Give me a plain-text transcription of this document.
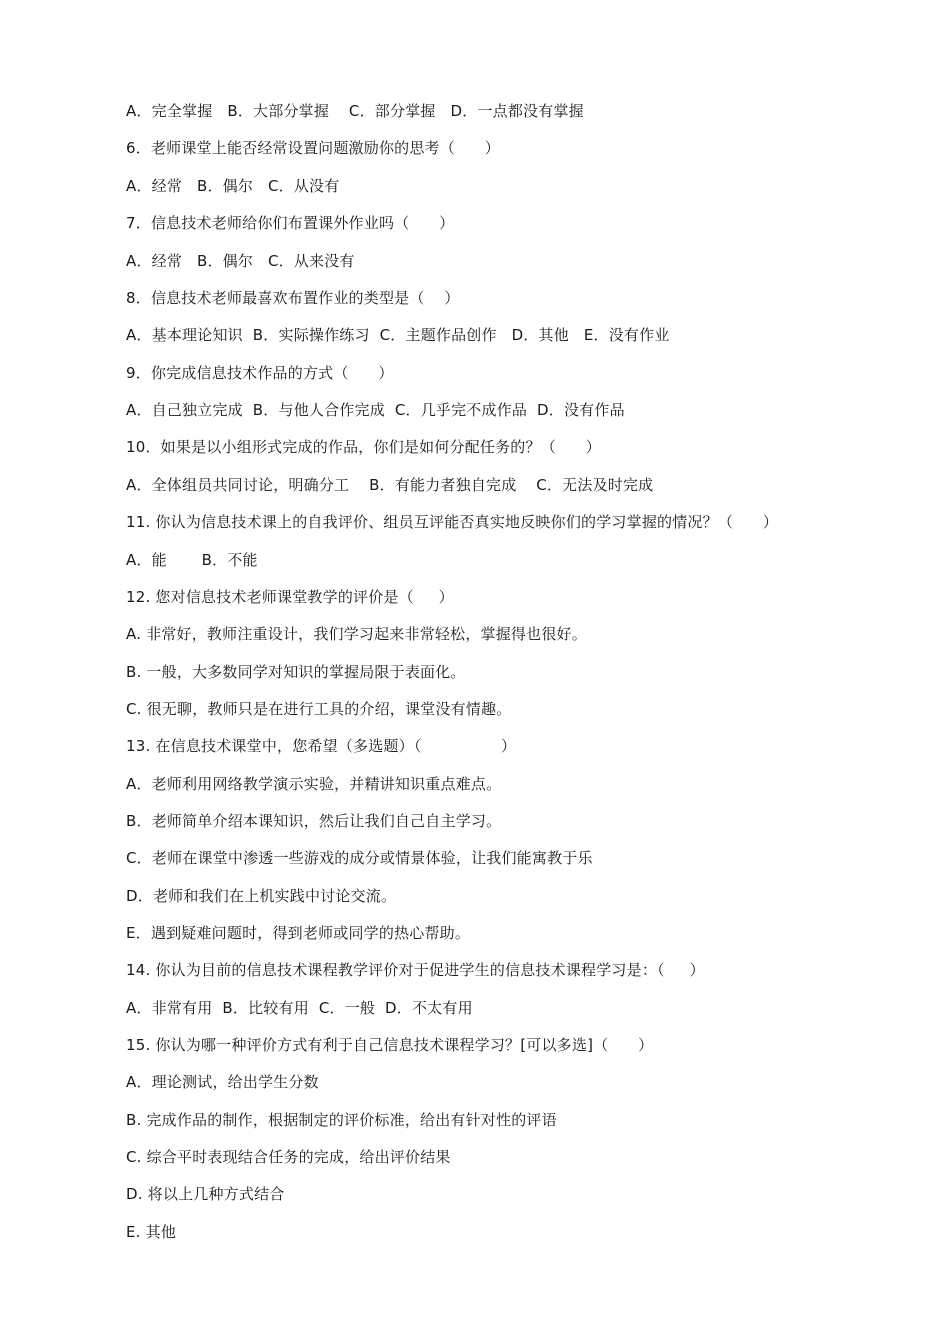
A．完全掌握   B．大部分掌握    C．部分掌握   D．一点都没有掌握
6．老师课堂上能否经常设置问题激励你的思考（      ）
A．经常   B．偶尔   C．从没有
7．信息技术老师给你们布置课外作业吗（      ）
A．经常   B．偶尔   C．从来没有
8．信息技术老师最喜欢布置作业的类型是（    ）
A．基本理论知识  B．实际操作练习  C．主题作品创作   D．其他   E．没有作业
9．你完成信息技术作品的方式（      ）
A．自己独立完成  B．与他人合作完成  C．几乎完不成作品  D．没有作品
10．如果是以小组形式完成的作品，你们是如何分配任务的？（      ）
A．全体组员共同讨论，明确分工    B．有能力者独自完成    C．无法及时完成
11. 你认为信息技术课上的自我评价、组员互评能否真实地反映你们的学习掌握的情况？（      ）
A．能       B．不能
12. 您对信息技术老师课堂教学的评价是（     ）
A. 非常好，教师注重设计，我们学习起来非常轻松，掌握得也很好。
B. 一般，大多数同学对知识的掌握局限于表面化。
C. 很无聊，教师只是在进行工具的介绍，课堂没有情趣。
13. 在信息技术课堂中，您希望（多选题）（                ）
A．老师利用网络教学演示实验，并精讲知识重点难点。
B．老师简单介绍本课知识，然后让我们自己自主学习。
C．老师在课堂中渗透一些游戏的成分或情景体验，让我们能寓教于乐
D．老师和我们在上机实践中讨论交流。
E．遇到疑难问题时，得到老师或同学的热心帮助。
14. 你认为目前的信息技术课程教学评价对于促进学生的信息技术课程学习是：（     ）
A．非常有用  B．比较有用  C．一般  D．不太有用
15. 你认为哪一种评价方式有利于自己信息技术课程学习？[可以多选]（      ）
A．理论测试，给出学生分数
B. 完成作品的制作，根据制定的评价标准，给出有针对性的评语
C. 综合平时表现结合任务的完成，给出评价结果
D. 将以上几种方式结合
E. 其他
